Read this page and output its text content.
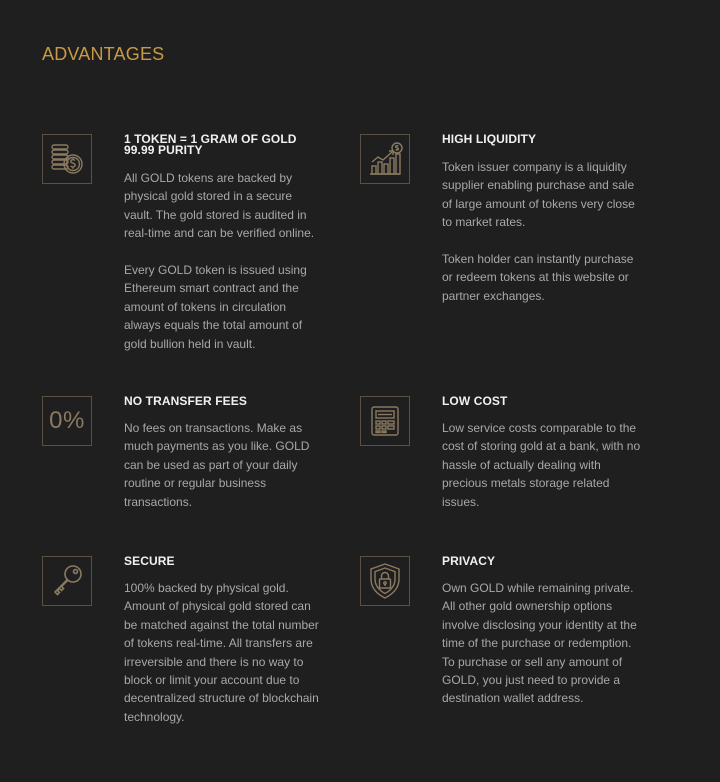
ADVANTAGES
1 TOKEN = 1 GRAM OF GOLD
99.99 PURITY

All GOLD tokens are backed by physical gold stored in a secure vault. The gold stored is audited in real-time and can be verified online.

Every GOLD token is issued using Ethereum smart contract and the amount of tokens in circulation always equals the total amount of gold bullion held in vault.

HIGH LIQUIDITY

Token issuer company is a liquidity supplier enabling purchase and sale of large amount of tokens very close to market rates.

Token holder can instantly purchase or redeem tokens at this website or partner exchanges.

0%
NO TRANSFER FEES

No fees on transactions. Make as much payments as you like. GOLD can be used as part of your daily routine or regular business transactions.

LOW COST

Low service costs comparable to the cost of storing gold at a bank, with no hassle of actually dealing with precious metals storage related issues.

SECURE

100% backed by physical gold. Amount of physical gold stored can be matched against the total number of tokens real-time. All transfers are irreversible and there is no way to block or limit your account due to decentralized structure of blockchain technology.

PRIVACY

Own GOLD while remaining private. All other gold ownership options involve disclosing your identity at the time of the purchase or redemption. To purchase or sell any amount of GOLD, you just need to provide a destination wallet address.
